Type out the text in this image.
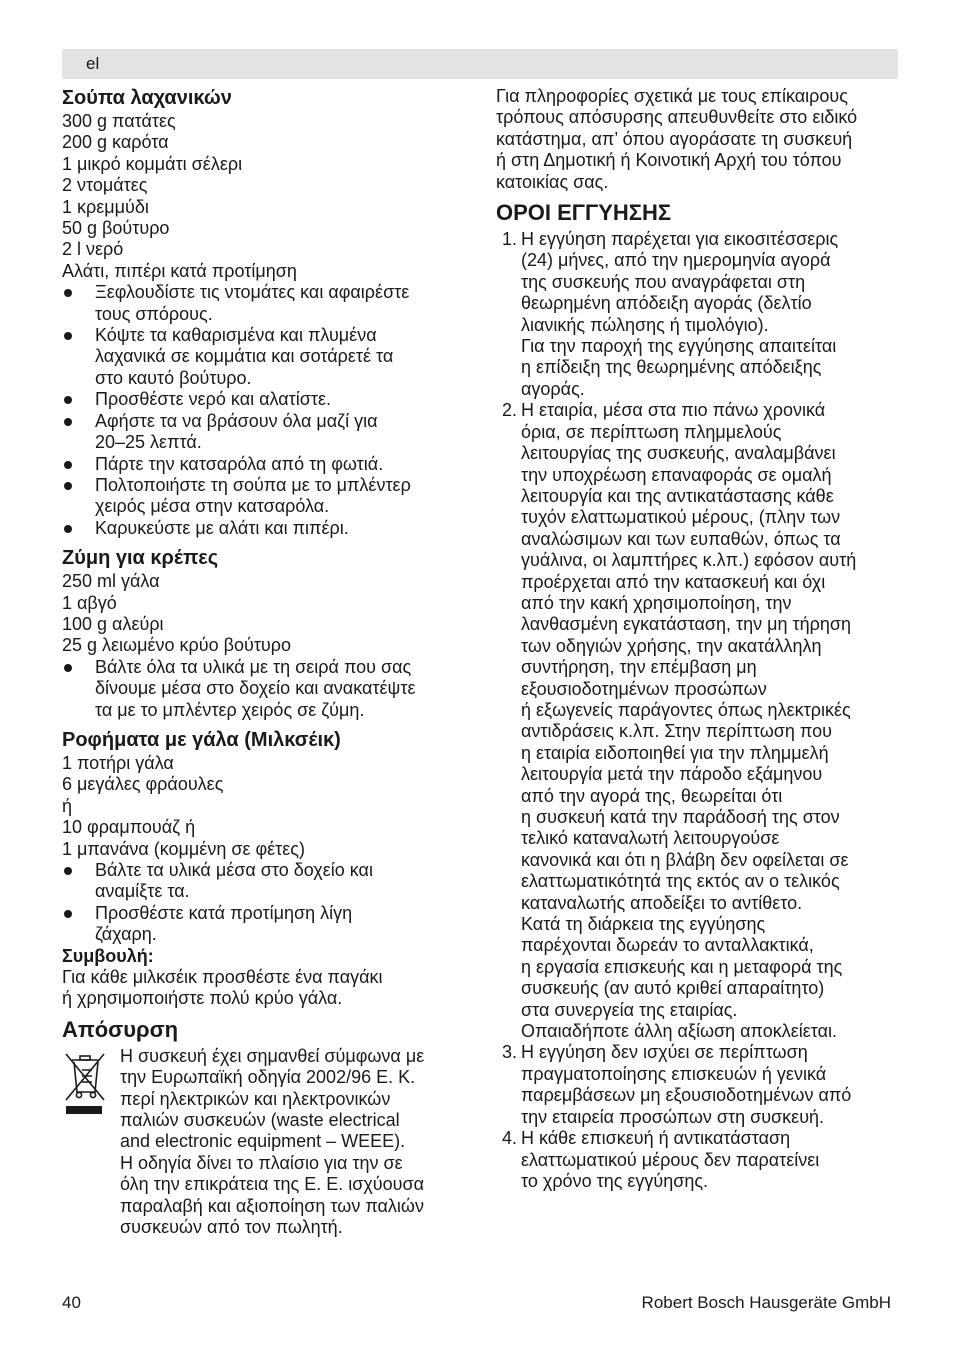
el
Σούπα λαχανικών
300 g πατάτες
200 g καρότα
1 μικρό κομμάτι σέλερι
2 ντομάτες
1 κρεμμύδι
50 g βούτυρο
2 l νερό
Αλάτι, πιπέρι κατά προτίμηση
Ξεφλουδίστε τις ντομάτες και αφαιρέστε
τους σπόρους.
Κόψτε τα καθαρισμένα και πλυμένα
λαχανικά σε κομμάτια και σοτάρετέ τα
στο καυτό βούτυρο.
Προσθέστε νερό και αλατίστε.
Αφήστε τα να βράσουν όλα μαζί για
20–25 λεπτά.
Πάρτε την κατσαρόλα από τη φωτιά.
Πολτοποιήστε τη σούπα με το μπλέντερ
χειρός μέσα στην κατσαρόλα.
Καρυκεύστε με αλάτι και πιπέρι.
Ζύμη για κρέπες
250 ml γάλα
1 αβγό
100 g αλεύρι
25 g λειωμένο κρύο βούτυρο
Βάλτε όλα τα υλικά με τη σειρά που σας
δίνουμε μέσα στο δοχείο και ανακατέψτε
τα με το μπλέντερ χειρός σε ζύμη.
Ροφήματα με γάλα (Μιλκσέικ)
1 ποτήρι γάλα
6 μεγάλες φράουλες
ή
10 φραμπουάζ ή
1 μπανάνα (κομμένη σε φέτες)
Βάλτε τα υλικά μέσα στο δοχείο και
αναμίξτε τα.
Προσθέστε κατά προτίμηση λίγη
ζάχαρη.
Συμβουλή:
Για κάθε μιλκσέικ προσθέστε ένα παγάκι
ή χρησιμοποιήστε πολύ κρύο γάλα.
Απόσυρση
Η συσκευή έχει σημανθεί σύμφωνα με
την Ευρωπαϊκή οδηγία 2002/96 Ε. Κ.
περί ηλεκτρικών και ηλεκτρονικών
παλιών συσκευών (waste electrical
and electronic equipment – WEEE).
Η οδηγία δίνει το πλαίσιο για την σε
όλη την επικράτεια της Ε. Ε. ισχύουσα
παραλαβή και αξιοποίηση των παλιών
συσκευών από τον πωλητή.
Για πληροφορίες σχετικά με τους επίκαιρους
τρόπους απόσυρσης απευθυνθείτε στο ειδικό
κατάστημα, απ’ όπου αγοράσατε τη συσκευή
ή στη Δημοτική ή Κοινοτική Αρχή του τόπου
κατοικίας σας.
ΟΡΟΙ ΕΓΓΥΗΣΗΣ
1. Η εγγύηση παρέχεται για εικοσιτέσσερις
(24) μήνες, από την ημερομηνία αγορά
της συσκευής που αναγράφεται στη
θεωρημένη απόδειξη αγοράς (δελτίο
λιανικής πώλησης ή τιμολόγιο).
Για την παροχή της εγγύησης απαιτείται
η επίδειξη της θεωρημένης απόδειξης
αγοράς.
2. Η εταιρία, μέσα στα πιο πάνω χρονικά
όρια, σε περίπτωση πλημμελούς
λειτουργίας της συσκευής, αναλαμβάνει
την υποχρέωση επαναφοράς σε ομαλή
λειτουργία και της αντικατάστασης κάθε
τυχόν ελαττωματικού μέρους, (πλην των
αναλώσιμων και των ευπαθών, όπως τα
γυάλινα, οι λαμπτήρες κ.λπ.) εφόσον αυτή
προέρχεται από την κατασκευή και όχι
από την κακή χρησιμοποίηση, την
λανθασμένη εγκατάσταση, την μη τήρηση
των οδηγιών χρήσης, την ακατάλληλη
συντήρηση, την επέμβαση μη
εξουσιοδοτημένων προσώπων
ή εξωγενείς παράγοντες όπως ηλεκτρικές
αντιδράσεις κ.λπ. Στην περίπτωση που
η εταιρία ειδοποιηθεί για την πλημμελή
λειτουργία μετά την πάροδο εξάμηνου
από την αγορά της, θεωρείται ότι
η συσκευή κατά την παράδοσή της στον
τελικό καταναλωτή λειτουργούσε
κανονικά και ότι η βλάβη δεν οφείλεται σε
ελαττωματικότητά της εκτός αν ο τελικός
καταναλωτής αποδείξει το αντίθετο.
Κατά τη διάρκεια της εγγύησης
παρέχονται δωρεάν το ανταλλακτικά,
η εργασία επισκευής και η μεταφορά της
συσκευής (αν αυτό κριθεί απαραίτητο)
στα συνεργεία της εταιρίας.
Οπαιαδήποτε άλλη αξίωση αποκλείεται.
3. Η εγγύηση δεν ισχύει σε περίπτωση
πραγματοποίησης επισκευών ή γενικά
παρεμβάσεων μη εξουσιοδοτημένων από
την εταιρεία προσώπων στη συσκευή.
4. Η κάθε επισκευή ή αντικατάσταση
ελαττωματικού μέρους δεν παρατείνει
το χρόνο της εγγύησης.
40	Robert Bosch Hausgeräte GmbH
